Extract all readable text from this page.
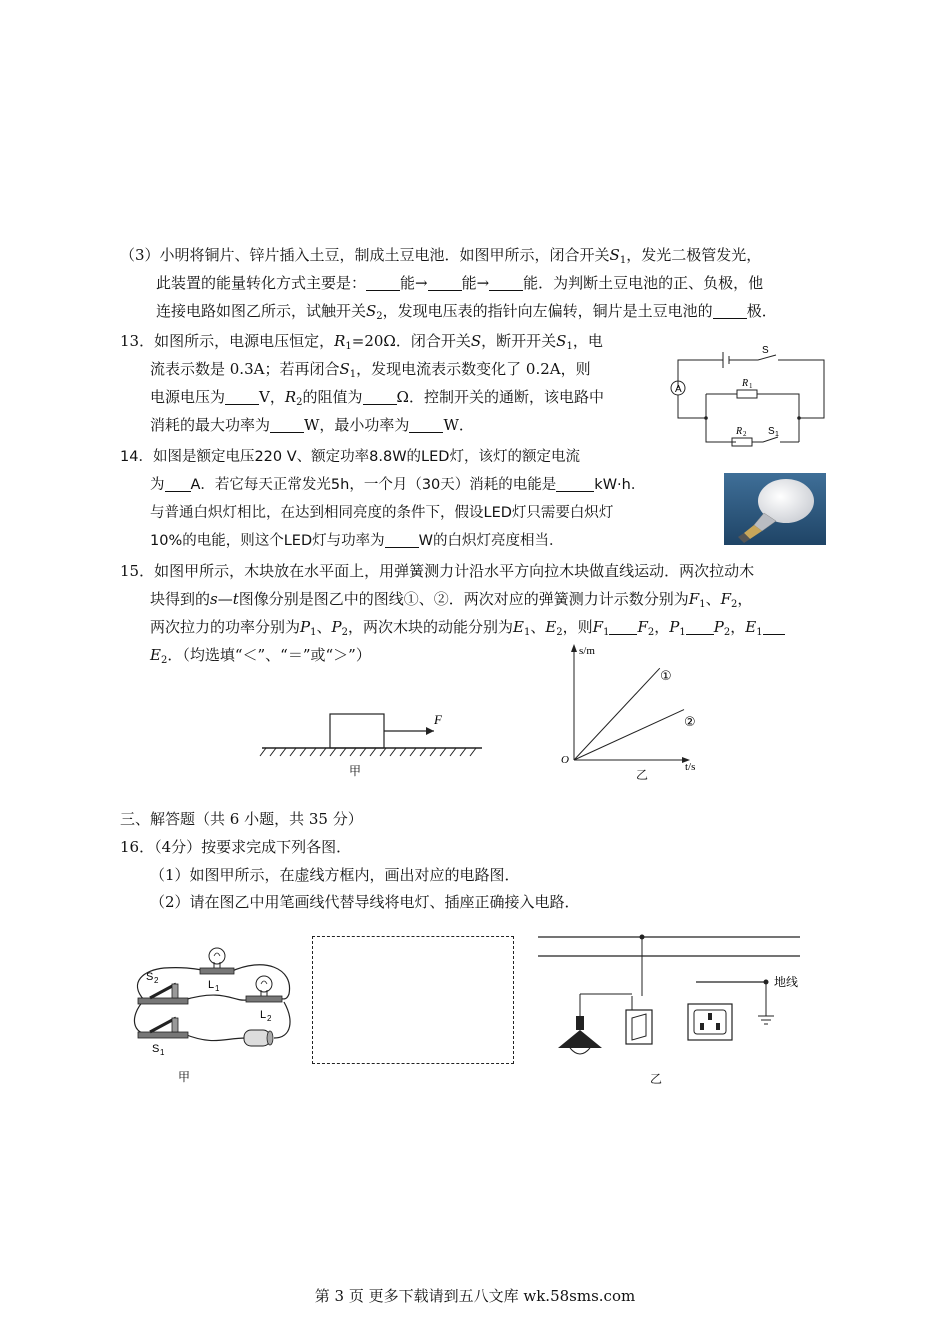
（3）小明将铜片、锌片插入土豆，制成土豆电池．如图甲所示，闭合开关$S_1$，发光二极管发光，
此装置的能量转化方式主要是： 能→ 能→ 能．为判断土豆电池的正、负极，他
连接电路如图乙所示，试触开关$S_2$，发现电压表的指针向左偏转，铜片是土豆电池的 极．
13．如图所示，电源电压恒定，$R_1=20\Omega$．闭合开关S，断开开关$S_1$，电
流表示数是 0.3A；若再闭合$S_1$，发现电流表示数变化了 0.2A，则
电源电压为 V，$R_2$的阻值为 Ω．控制开关的通断，该电路中
消耗的最大功率为 W，最小功率为 W．
A
S
R 1
R 2 S 1
14．如图是额定电压220 V、额定功率8.8W的LED灯，该灯的额定电流
为 A．若它每天正常发光5h，一个月（30天）消耗的电能是	kW·h．
与普通白炽灯相比，在达到相同亮度的条件下，假设LED灯只需要白炽灯
10%的电能，则这个LED灯与功率为 W的白炽灯亮度相当．
15．如图甲所示，木块放在水平面上，用弹簧测力计沿水平方向拉木块做直线运动．两次拉动木
块得到的s—t图像分别是图乙中的图线①、②．两次对应的弹簧测力计示数分别为$F_1$、$F_2$，
两次拉力的功率分别为$P_1$、$P_2$，两次木块的动能分别为$E_1$、$E_2$，则$F_1$ $F_2$，$P_1$ $P_2$，$E_1$
$E_2$．（均选填“＜”、“＝”或“＞”）
F
甲
s/m
t/s
O
①
②
乙
三、解答题（共 6 小题，共 35 分）
16．（4分）按要求完成下列各图．
（1）如图甲所示，在虚线方框内，画出对应的电路图．
（2）请在图乙中用笔画线代替导线将电灯、插座正确接入电路．
S 2	L 1
L 2
S 1
甲
地线
乙
第 3 页 更多下载请到五八文库 wk.58sms.com
